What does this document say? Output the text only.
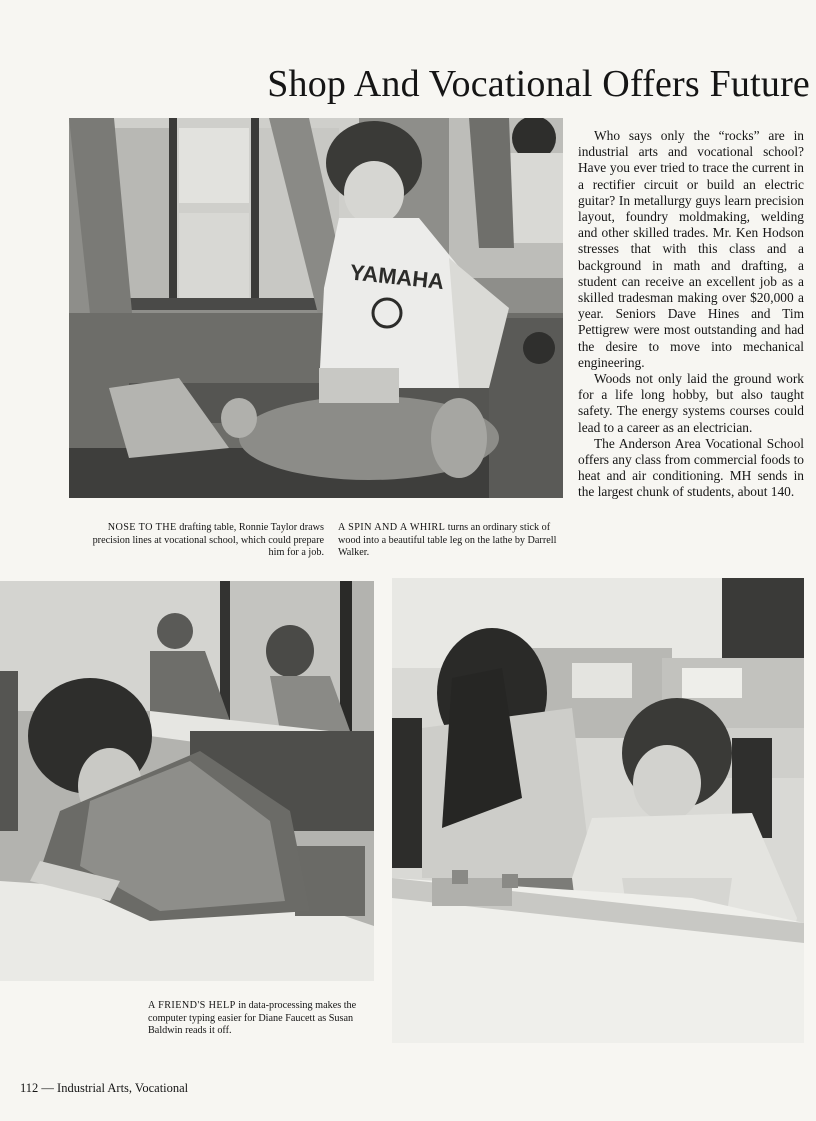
Shop And Vocational Offers Future
YAMAHA

Who says only the “rocks” are in industrial arts and vocational school? Have you ever tried to trace the current in a rectifier circuit or build an electric guitar? In metallurgy guys learn precision layout, foundry moldmaking, welding and other skilled trades. Mr. Ken Hodson stresses that with this class and a background in math and drafting, a student can receive an excellent job as a skilled tradesman making over $20,000 a year. Seniors Dave Hines and Tim Pettigrew were most outstanding and had the desire to move into mechanical engineering.

Woods not only laid the ground work for a life long hobby, but also taught safety. The energy systems courses could lead to a career as an electrician.

The Anderson Area Vocational School offers any class from commercial foods to heat and air conditioning. MH sends in the largest chunk of students, about 140.

NOSE TO THE drafting table, Ronnie Taylor draws precision lines at vocational school, which could prepare him for a job.

A SPIN AND A WHIRL turns an ordinary stick of wood into a beautiful table leg on the lathe by Darrell Walker.

A FRIEND'S HELP in data-processing makes the computer typing easier for Diane Faucett as Susan Baldwin reads it off.

112 — Industrial Arts, Vocational
